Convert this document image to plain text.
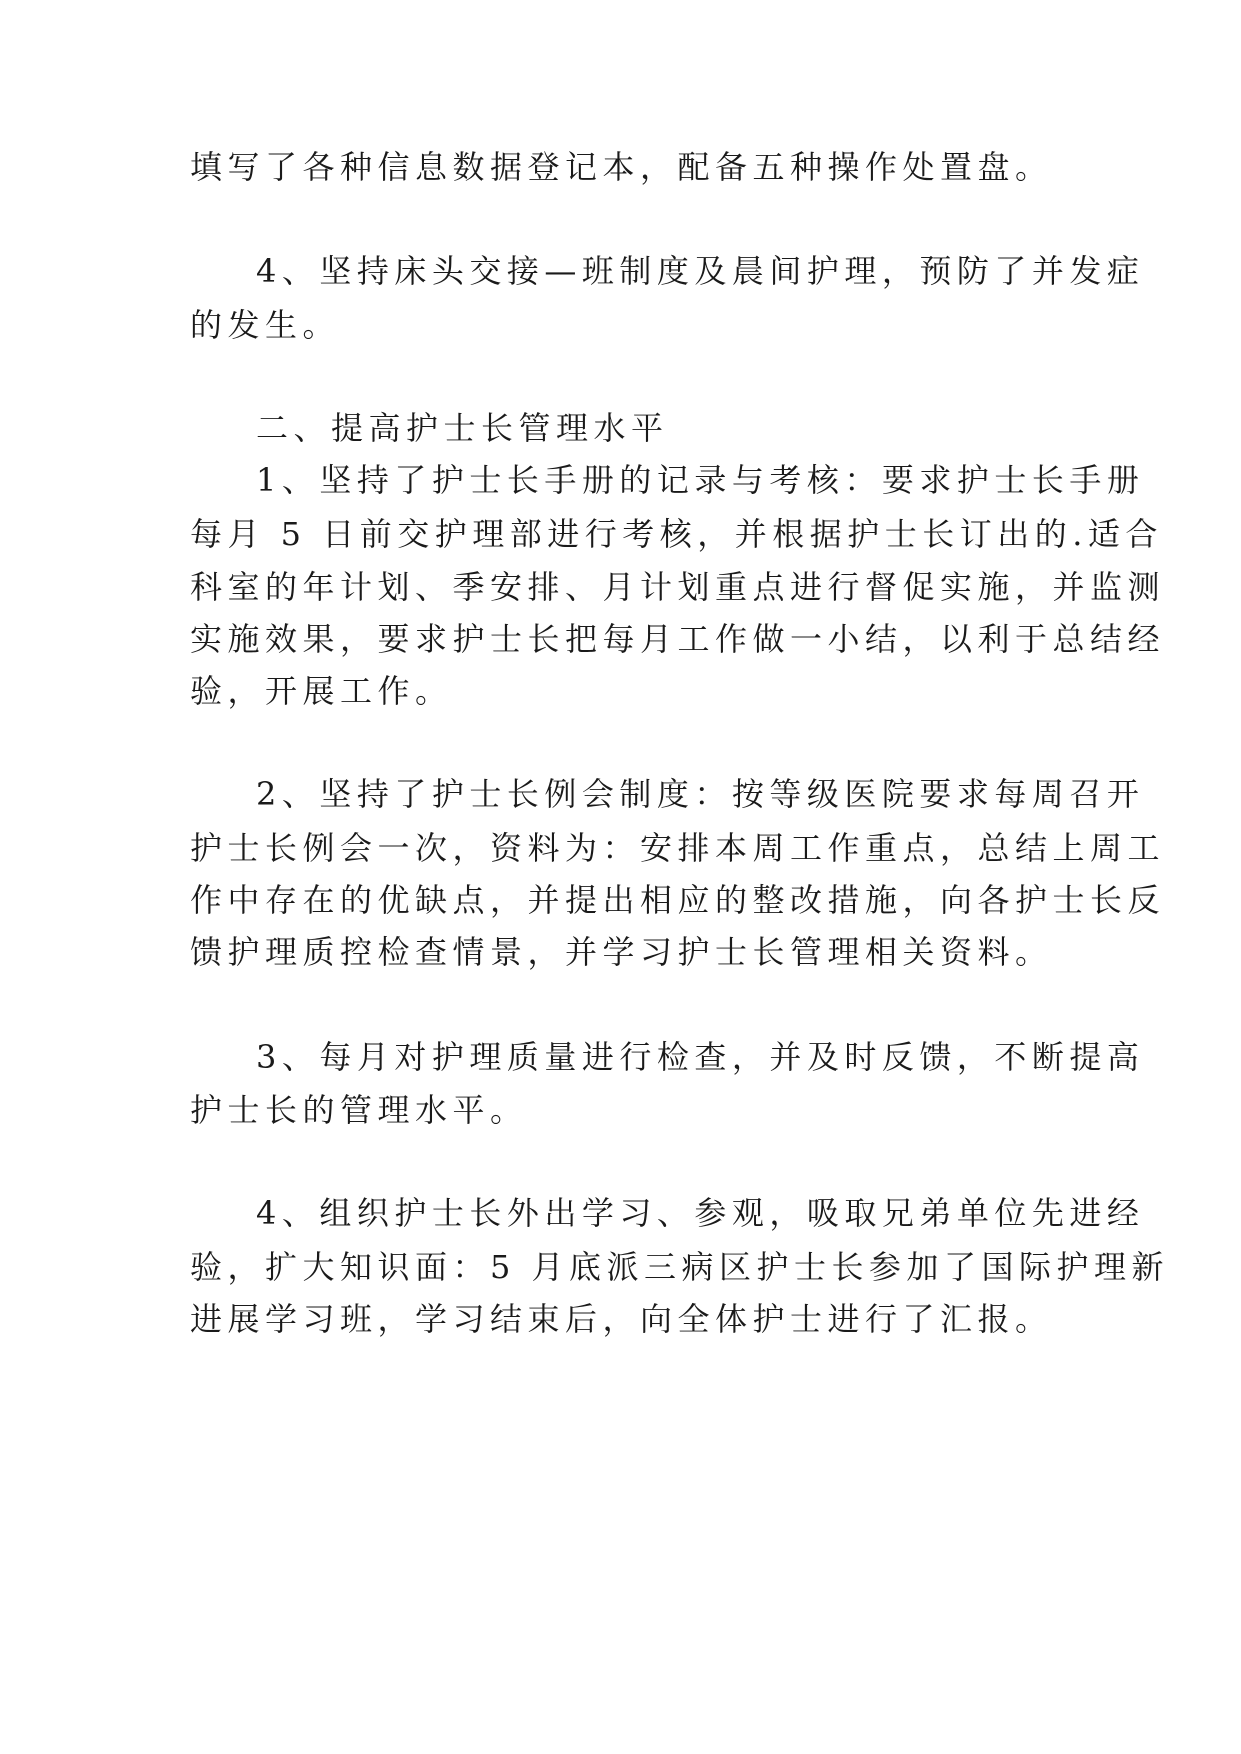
填写了各种信息数据登记本，配备五种操作处置盘。
4、坚持床头交接—班制度及晨间护理，预防了并发症
的发生。
二、提高护士长管理水平
1、坚持了护士长手册的记录与考核：要求护士长手册
每月 5 日前交护理部进行考核，并根据护士长订出的.适合
科室的年计划、季安排、月计划重点进行督促实施，并监测
实施效果，要求护士长把每月工作做一小结，以利于总结经
验，开展工作。
2、坚持了护士长例会制度：按等级医院要求每周召开
护士长例会一次，资料为：安排本周工作重点，总结上周工
作中存在的优缺点，并提出相应的整改措施，向各护士长反
馈护理质控检查情景，并学习护士长管理相关资料。
3、每月对护理质量进行检查，并及时反馈，不断提高
护士长的管理水平。
4、组织护士长外出学习、参观，吸取兄弟单位先进经
验，扩大知识面：5 月底派三病区护士长参加了国际护理新
进展学习班，学习结束后，向全体护士进行了汇报。
